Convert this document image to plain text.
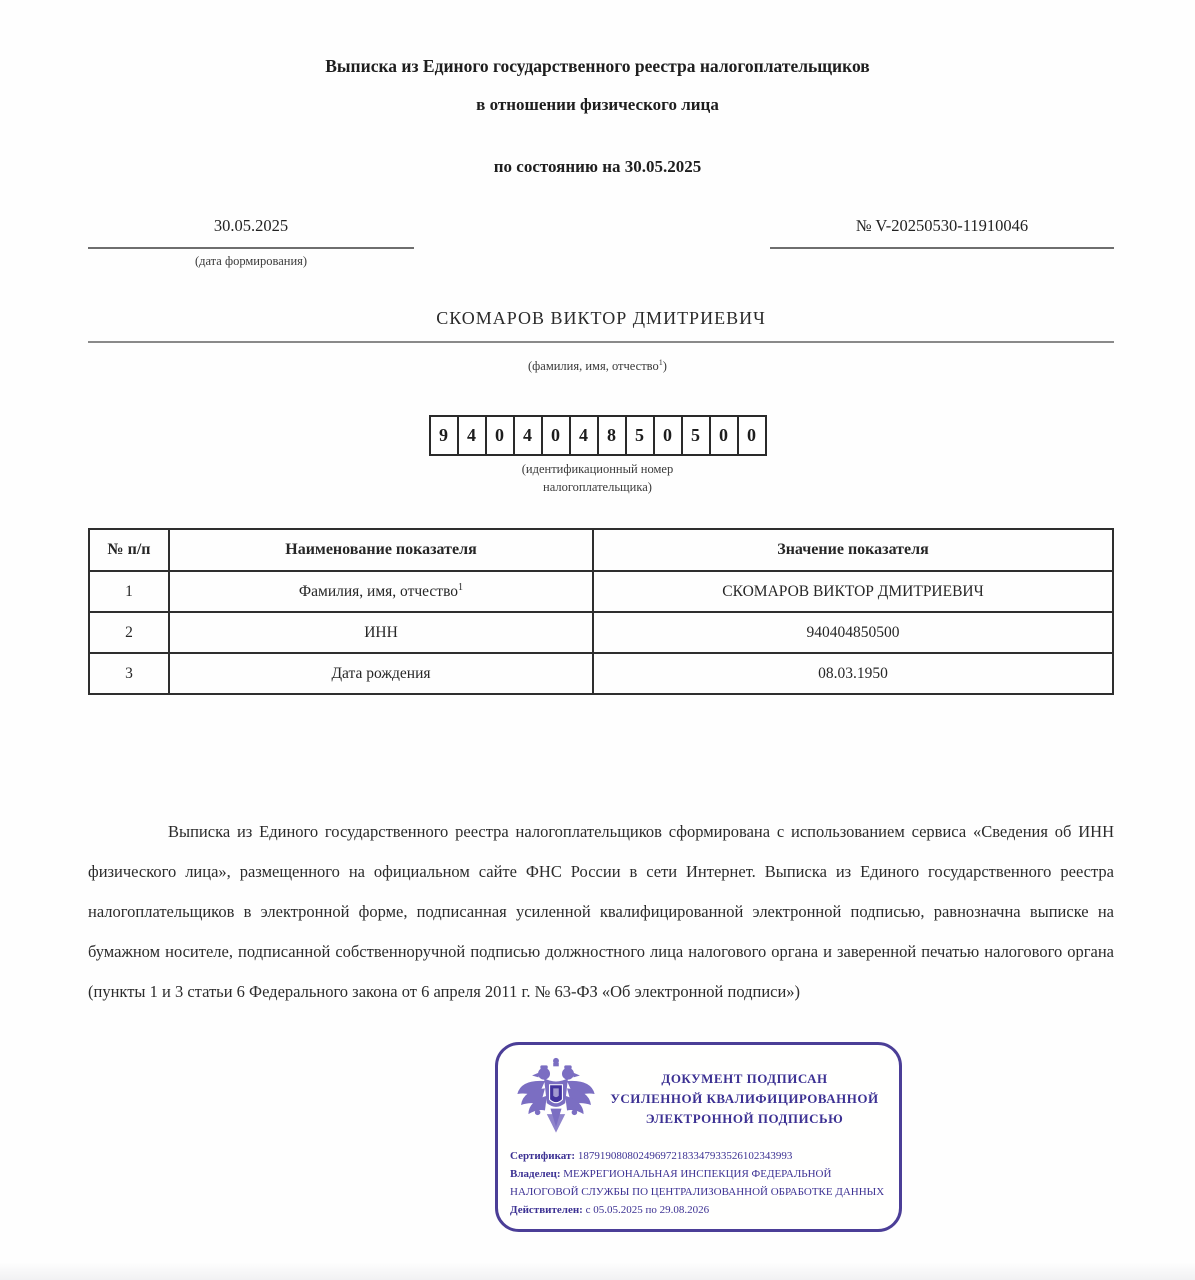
Выписка из Единого государственного реестра налогоплательщиков
в отношении физического лица
по состоянию на 30.05.2025
30.05.2025
(дата формирования)
№ V-20250530-11910046
СКОМАРОВ ВИКТОР ДМИТРИЕВИЧ
(фамилия, имя, отчество$^1$)
9	4	0	4	0	4	8	5	0	5	0	0
(идентификационный номер
налогоплательщика)
№ п/п	Наименование показателя	Значение показателя
1	Фамилия, имя, отчество$^1$	СКОМАРОВ ВИКТОР ДМИТРИЕВИЧ
2	ИНН	940404850500
3	Дата рождения	08.03.1950
Выписка из Единого государственного реестра налогоплательщиков сформирована с использованием сервиса «Сведения об ИНН физического лица», размещенного на официальном сайте ФНС России в сети Интернет. Выписка из Единого государственного реестра налогоплательщиков в электронной форме, подписанная усиленной квалифицированной электронной подписью, равнозначна выписке на бумажном носителе, подписанной собственноручной подписью должностного лица налогового органа и заверенной печатью налогового органа (пункты 1 и 3 статьи 6 Федерального закона от 6 апреля 2011 г. № 63-ФЗ «Об электронной подписи»)
ДОКУМЕНТ ПОДПИСАН
УСИЛЕННОЙ КВАЛИФИЦИРОВАННОЙ
ЭЛЕКТРОННОЙ ПОДПИСЬЮ

Сертификат: 187919080802496972183347933526102343993

Владелец: МЕЖРЕГИОНАЛЬНАЯ ИНСПЕКЦИЯ ФЕДЕРАЛЬНОЙ НАЛОГОВОЙ СЛУЖБЫ ПО ЦЕНТРАЛИЗОВАННОЙ ОБРАБОТКЕ ДАННЫХ

Действителен: с 05.05.2025 по 29.08.2026
